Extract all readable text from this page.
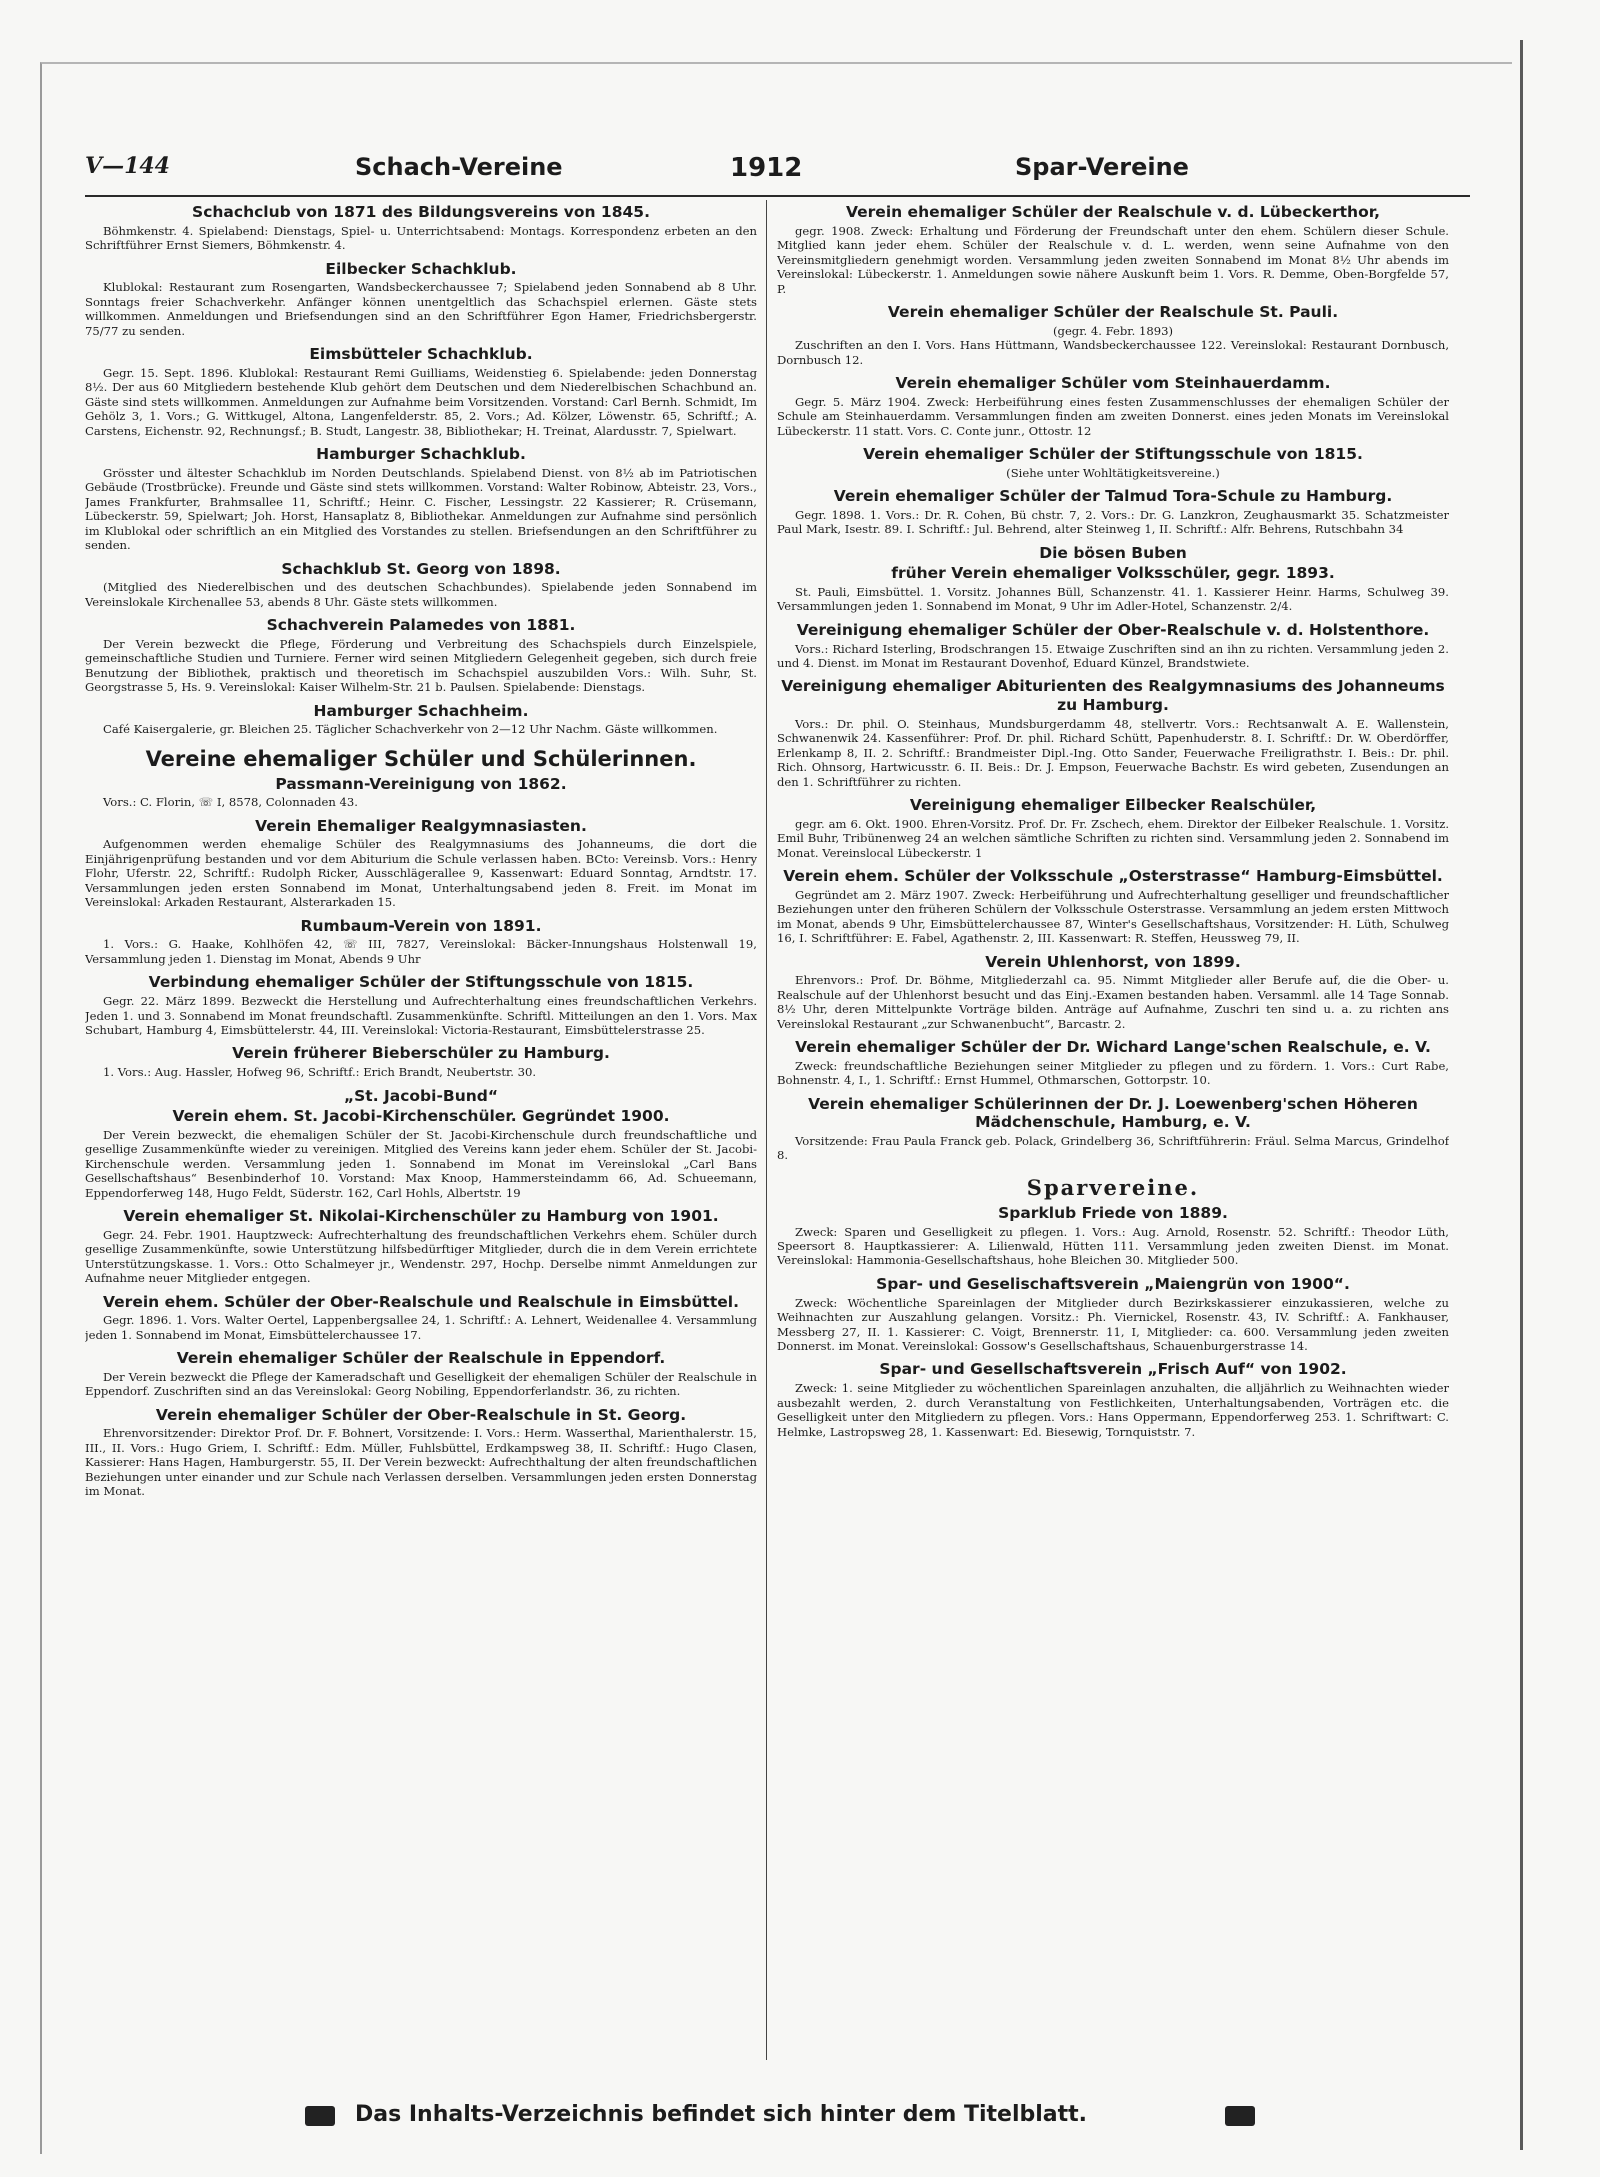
V—144	Schach-Vereine	1912	Spar-Vereine
Schachclub von 1871 des Bildungsvereins von 1845.
Böhmkenstr. 4. Spielabend: Dienstags, Spiel- u. Unterrichtsabend: Montags. Korrespondenz erbeten an den Schriftführer Ernst Siemers, Böhmkenstr. 4.
Eilbecker Schachklub.
Klublokal: Restaurant zum Rosengarten, Wandsbeckerchaussee 7; Spielabend jeden Sonnabend ab 8 Uhr. Sonntags freier Schachverkehr. Anfänger können unentgeltlich das Schachspiel erlernen. Gäste stets willkommen. Anmeldungen und Briefsendungen sind an den Schriftführer Egon Hamer, Friedrichsbergerstr. 75/77 zu senden.
Eimsbütteler Schachklub.
Gegr. 15. Sept. 1896. Klublokal: Restaurant Remi Guilliams, Weidenstieg 6. Spielabende: jeden Donnerstag 8½. Der aus 60 Mitgliedern bestehende Klub gehört dem Deutschen und dem Niederelbischen Schachbund an. Gäste sind stets willkommen. Anmeldungen zur Aufnahme beim Vorsitzenden. Vorstand: Carl Bernh. Schmidt, Im Gehölz 3, 1. Vors.; G. Wittkugel, Altona, Langenfelderstr. 85, 2. Vors.; Ad. Kölzer, Löwenstr. 65, Schriftf.; A. Carstens, Eichenstr. 92, Rechnungsf.; B. Studt, Langestr. 38, Bibliothekar; H. Treinat, Alardusstr. 7, Spielwart.
Hamburger Schachklub.
Grösster und ältester Schachklub im Norden Deutschlands. Spielabend Dienst. von 8½ ab im Patriotischen Gebäude (Trostbrücke). Freunde und Gäste sind stets willkommen. Vorstand: Walter Robinow, Abteistr. 23, Vors., James Frankfurter, Brahmsallee 11, Schriftf.; Heinr. C. Fischer, Lessingstr. 22 Kassierer; R. Crüsemann, Lübeckerstr. 59, Spielwart; Joh. Horst, Hansaplatz 8, Bibliothekar. Anmeldungen zur Aufnahme sind persönlich im Klublokal oder schriftlich an ein Mitglied des Vorstandes zu stellen. Briefsendungen an den Schriftführer zu senden.
Schachklub St. Georg von 1898.
(Mitglied des Niederelbischen und des deutschen Schachbundes). Spielabende jeden Sonnabend im Vereinslokale Kirchenallee 53, abends 8 Uhr. Gäste stets willkommen.
Schachverein Palamedes von 1881.
Der Verein bezweckt die Pflege, Förderung und Verbreitung des Schachspiels durch Einzelspiele, gemeinschaftliche Studien und Turniere. Ferner wird seinen Mitgliedern Gelegenheit gegeben, sich durch freie Benutzung der Bibliothek, praktisch und theoretisch im Schachspiel auszubilden Vors.: Wilh. Suhr, St. Georgstrasse 5, Hs. 9. Vereinslokal: Kaiser Wilhelm-Str. 21 b. Paulsen. Spielabende: Dienstags.
Hamburger Schachheim.
Café Kaisergalerie, gr. Bleichen 25. Täglicher Schachverkehr von 2—12 Uhr Nachm. Gäste willkommen.
Vereine ehemaliger Schüler und Schülerinnen.
Passmann-Vereinigung von 1862.
Vors.: C. Florin, ☏ I, 8578, Colonnaden 43.
Verein Ehemaliger Realgymnasiasten.
Aufgenommen werden ehemalige Schüler des Realgymnasiums des Johanneums, die dort die Einjährigenprüfung bestanden und vor dem Abiturium die Schule verlassen haben. BCto: Vereinsb. Vors.: Henry Flohr, Uferstr. 22, Schriftf.: Rudolph Ricker, Ausschlägerallee 9, Kassenwart: Eduard Sonntag, Arndtstr. 17. Versammlungen jeden ersten Sonnabend im Monat, Unterhaltungsabend jeden 8. Freit. im Monat im Vereinslokal: Arkaden Restaurant, Alsterarkaden 15.
Rumbaum-Verein von 1891.
1. Vors.: G. Haake, Kohlhöfen 42, ☏ III, 7827, Vereinslokal: Bäcker-Innungshaus Holstenwall 19, Versammlung jeden 1. Dienstag im Monat, Abends 9 Uhr
Verbindung ehemaliger Schüler der Stiftungsschule von 1815.
Gegr. 22. März 1899. Bezweckt die Herstellung und Aufrechterhaltung eines freundschaftlichen Verkehrs. Jeden 1. und 3. Sonnabend im Monat freundschaftl. Zusammenkünfte. Schriftl. Mitteilungen an den 1. Vors. Max Schubart, Hamburg 4, Eimsbüttelerstr. 44, III. Vereinslokal: Victoria-Restaurant, Eimsbüttelerstrasse 25.
Verein früherer Bieberschüler zu Hamburg.
1. Vors.: Aug. Hassler, Hofweg 96, Schriftf.: Erich Brandt, Neubertstr. 30.
„St. Jacobi-Bund“
Verein ehem. St. Jacobi-Kirchenschüler. Gegründet 1900.
Der Verein bezweckt, die ehemaligen Schüler der St. Jacobi-Kirchenschule durch freundschaftliche und gesellige Zusammenkünfte wieder zu vereinigen. Mitglied des Vereins kann jeder ehem. Schüler der St. Jacobi-Kirchenschule werden. Versammlung jeden 1. Sonnabend im Monat im Vereinslokal „Carl Bans Gesellschaftshaus“ Besenbinderhof 10. Vorstand: Max Knoop, Hammersteindamm 66, Ad. Schueemann, Eppendorferweg 148, Hugo Feldt, Süderstr. 162, Carl Hohls, Albertstr. 19
Verein ehemaliger St. Nikolai-Kirchenschüler zu Hamburg von 1901.
Gegr. 24. Febr. 1901. Hauptzweck: Aufrechterhaltung des freundschaftlichen Verkehrs ehem. Schüler durch gesellige Zusammenkünfte, sowie Unterstützung hilfsbedürftiger Mitglieder, durch die in dem Verein errichtete Unterstützungskasse. 1. Vors.: Otto Schalmeyer jr., Wendenstr. 297, Hochp. Derselbe nimmt Anmeldungen zur Aufnahme neuer Mitglieder entgegen.
Verein ehem. Schüler der Ober-Realschule und Realschule in Eimsbüttel.
Gegr. 1896. 1. Vors. Walter Oertel, Lappenbergsallee 24, 1. Schriftf.: A. Lehnert, Weidenallee 4. Versammlung jeden 1. Sonnabend im Monat, Eimsbüttelerchaussee 17.
Verein ehemaliger Schüler der Realschule in Eppendorf.
Der Verein bezweckt die Pflege der Kameradschaft und Geselligkeit der ehemaligen Schüler der Realschule in Eppendorf. Zuschriften sind an das Vereinslokal: Georg Nobiling, Eppendorferlandstr. 36, zu richten.
Verein ehemaliger Schüler der Ober-Realschule in St. Georg.
Ehrenvorsitzender: Direktor Prof. Dr. F. Bohnert, Vorsitzende: I. Vors.: Herm. Wasserthal, Marienthalerstr. 15, III., II. Vors.: Hugo Griem, I. Schriftf.: Edm. Müller, Fuhlsbüttel, Erdkampsweg 38, II. Schriftf.: Hugo Clasen, Kassierer: Hans Hagen, Hamburgerstr. 55, II. Der Verein bezweckt: Aufrechthaltung der alten freundschaftlichen Beziehungen unter einander und zur Schule nach Verlassen derselben. Versammlungen jeden ersten Donnerstag im Monat.
Verein ehemaliger Schüler der Realschule v. d. Lübeckerthor,
gegr. 1908. Zweck: Erhaltung und Förderung der Freundschaft unter den ehem. Schülern dieser Schule. Mitglied kann jeder ehem. Schüler der Realschule v. d. L. werden, wenn seine Aufnahme von den Vereinsmitgliedern genehmigt worden. Versammlung jeden zweiten Sonnabend im Monat 8½ Uhr abends im Vereinslokal: Lübeckerstr. 1. Anmeldungen sowie nähere Auskunft beim 1. Vors. R. Demme, Oben-Borgfelde 57, P.
Verein ehemaliger Schüler der Realschule St. Pauli.
(gegr. 4. Febr. 1893)
Zuschriften an den I. Vors. Hans Hüttmann, Wandsbeckerchaussee 122. Vereinslokal: Restaurant Dornbusch, Dornbusch 12.
Verein ehemaliger Schüler vom Steinhauerdamm.
Gegr. 5. März 1904. Zweck: Herbeiführung eines festen Zusammenschlusses der ehemaligen Schüler der Schule am Steinhauerdamm. Versammlungen finden am zweiten Donnerst. eines jeden Monats im Vereinslokal Lübeckerstr. 11 statt. Vors. C. Conte junr., Ottostr. 12
Verein ehemaliger Schüler der Stiftungsschule von 1815.
(Siehe unter Wohltätigkeitsvereine.)
Verein ehemaliger Schüler der Talmud Tora-Schule zu Hamburg.
Gegr. 1898. 1. Vors.: Dr. R. Cohen, Bü chstr. 7, 2. Vors.: Dr. G. Lanzkron, Zeughausmarkt 35. Schatzmeister Paul Mark, Isestr. 89. I. Schriftf.: Jul. Behrend, alter Steinweg 1, II. Schriftf.: Alfr. Behrens, Rutschbahn 34
Die bösen Buben
früher Verein ehemaliger Volksschüler, gegr. 1893.
St. Pauli, Eimsbüttel. 1. Vorsitz. Johannes Büll, Schanzenstr. 41. 1. Kassierer Heinr. Harms, Schulweg 39. Versammlungen jeden 1. Sonnabend im Monat, 9 Uhr im Adler-Hotel, Schanzenstr. 2/4.
Vereinigung ehemaliger Schüler der Ober-Realschule v. d. Holstenthore.
Vors.: Richard Isterling, Brodschrangen 15. Etwaige Zuschriften sind an ihn zu richten. Versammlung jeden 2. und 4. Dienst. im Monat im Restaurant Dovenhof, Eduard Künzel, Brandstwiete.
Vereinigung ehemaliger Abiturienten des Realgymnasiums des Johanneums zu Hamburg.
Vors.: Dr. phil. O. Steinhaus, Mundsburgerdamm 48, stellvertr. Vors.: Rechtsanwalt A. E. Wallenstein, Schwanenwik 24. Kassenführer: Prof. Dr. phil. Richard Schütt, Papenhuderstr. 8. I. Schriftf.: Dr. W. Oberdörffer, Erlenkamp 8, II. 2. Schriftf.: Brandmeister Dipl.-Ing. Otto Sander, Feuerwache Freiligrathstr. I. Beis.: Dr. phil. Rich. Ohnsorg, Hartwicusstr. 6. II. Beis.: Dr. J. Empson, Feuerwache Bachstr. Es wird gebeten, Zusendungen an den 1. Schriftführer zu richten.
Vereinigung ehemaliger Eilbecker Realschüler,
gegr. am 6. Okt. 1900. Ehren-Vorsitz. Prof. Dr. Fr. Zschech, ehem. Direktor der Eilbeker Realschule. 1. Vorsitz. Emil Buhr, Tribünenweg 24 an welchen sämtliche Schriften zu richten sind. Versammlung jeden 2. Sonnabend im Monat. Vereinslocal Lübeckerstr. 1
Verein ehem. Schüler der Volksschule „Osterstrasse“ Hamburg-Eimsbüttel.
Gegründet am 2. März 1907. Zweck: Herbeiführung und Aufrechterhaltung geselliger und freundschaftlicher Beziehungen unter den früheren Schülern der Volksschule Osterstrasse. Versammlung an jedem ersten Mittwoch im Monat, abends 9 Uhr, Eimsbüttelerchaussee 87, Winter's Gesellschaftshaus, Vorsitzender: H. Lüth, Schulweg 16, I. Schriftführer: E. Fabel, Agathenstr. 2, III. Kassenwart: R. Steffen, Heussweg 79, II.
Verein Uhlenhorst, von 1899.
Ehrenvors.: Prof. Dr. Böhme, Mitgliederzahl ca. 95. Nimmt Mitglieder aller Berufe auf, die die Ober- u. Realschule auf der Uhlenhorst besucht und das Einj.-Examen bestanden haben. Versamml. alle 14 Tage Sonnab. 8½ Uhr, deren Mittelpunkte Vorträge bilden. Anträge auf Aufnahme, Zuschri ten sind u. a. zu richten ans Vereinslokal Restaurant „zur Schwanenbucht“, Barcastr. 2.
Verein ehemaliger Schüler der Dr. Wichard Lange'schen Realschule, e. V.
Zweck: freundschaftliche Beziehungen seiner Mitglieder zu pflegen und zu fördern. 1. Vors.: Curt Rabe, Bohnenstr. 4, I., 1. Schriftf.: Ernst Hummel, Othmarschen, Gottorpstr. 10.
Verein ehemaliger Schülerinnen der Dr. J. Loewenberg'schen Höheren Mädchenschule, Hamburg, e. V.
Vorsitzende: Frau Paula Franck geb. Polack, Grindelberg 36, Schriftführerin: Fräul. Selma Marcus, Grindelhof 8.
Sparvereine.
Sparklub Friede von 1889.
Zweck: Sparen und Geselligkeit zu pflegen. 1. Vors.: Aug. Arnold, Rosenstr. 52. Schriftf.: Theodor Lüth, Speersort 8. Hauptkassierer: A. Lilienwald, Hütten 111. Versammlung jeden zweiten Dienst. im Monat. Vereinslokal: Hammonia-Gesellschaftshaus, hohe Bleichen 30. Mitglieder 500.
Spar- und Geselischaftsverein „Maiengrün von 1900“.
Zweck: Wöchentliche Spareinlagen der Mitglieder durch Bezirkskassierer einzukassieren, welche zu Weihnachten zur Auszahlung gelangen. Vorsitz.: Ph. Viernickel, Rosenstr. 43, IV. Schriftf.: A. Fankhauser, Messberg 27, II. 1. Kassierer: C. Voigt, Brennerstr. 11, I, Mitglieder: ca. 600. Versammlung jeden zweiten Donnerst. im Monat. Vereinslokal: Gossow's Gesellschaftshaus, Schauenburgerstrasse 14.
Spar- und Gesellschaftsverein „Frisch Auf“ von 1902.
Zweck: 1. seine Mitglieder zu wöchentlichen Spareinlagen anzuhalten, die alljährlich zu Weihnachten wieder ausbezahlt werden, 2. durch Veranstaltung von Festlichkeiten, Unterhaltungsabenden, Vorträgen etc. die Geselligkeit unter den Mitgliedern zu pflegen. Vors.: Hans Oppermann, Eppendorferweg 253. 1. Schriftwart: C. Helmke, Lastropsweg 28, 1. Kassenwart: Ed. Biesewig, Tornquiststr. 7.
Das Inhalts-Verzeichnis befindet sich hinter dem Titelblatt.
